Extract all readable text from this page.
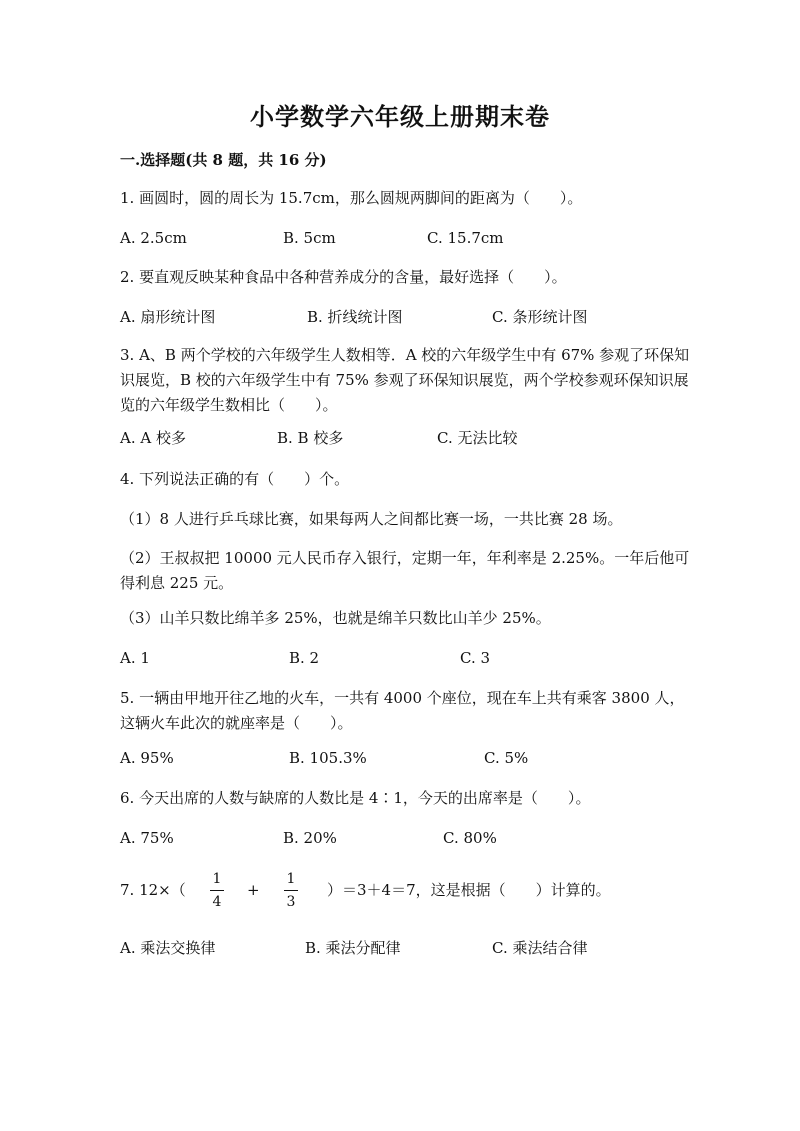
小学数学六年级上册期末卷
一.选择题(共 8 题，共 16 分)
1. 画圆时，圆的周长为 15.7cm，那么圆规两脚间的距离为（　　）。
A. 2.5cm	B. 5cm	C. 15.7cm
2. 要直观反映某种食品中各种营养成分的含量，最好选择（　　）。
A. 扇形统计图	B. 折线统计图	C. 条形统计图
3. A、B 两个学校的六年级学生人数相等．A 校的六年级学生中有 67% 参观了环保知识展览，B 校的六年级学生中有 75% 参观了环保知识展览，两个学校参观环保知识展览的六年级学生数相比（　　）。
A. A 校多	B. B 校多	C. 无法比较
4. 下列说法正确的有（　　）个。
（1）8 人进行乒乓球比赛，如果每两人之间都比赛一场，一共比赛 28 场。
（2）王叔叔把 10000 元人民币存入银行，定期一年，年利率是 2.25%。一年后他可得利息 225 元。
（3）山羊只数比绵羊多 25%，也就是绵羊只数比山羊少 25%。
A. 1	B. 2	C. 3
5. 一辆由甲地开往乙地的火车，一共有 4000 个座位，现在车上共有乘客 3800 人，这辆火车此次的就座率是（　　）。
A. 95%	B. 105.3%	C. 5%
6. 今天出席的人数与缺席的人数比是 4∶1，今天的出席率是（　　）。
A. 75%	B. 20%	C. 80%
7. 12×（
1
4
+
1
3
）＝3＋4＝7，这是根据（　　）计算的。
A. 乘法交换律	B. 乘法分配律	C. 乘法结合律
